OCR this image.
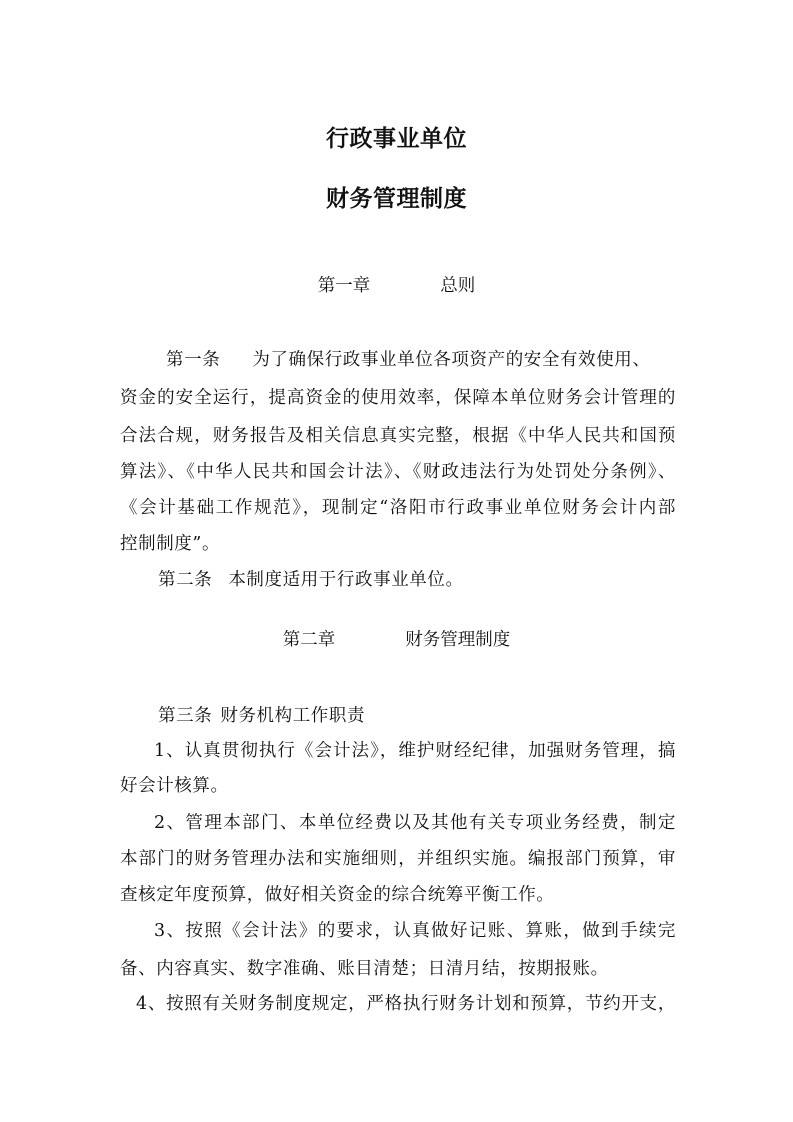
行政事业单位
财务管理制度
第一章	总则
第一条 为了确保行政事业单位各项资产的安全有效使用、
资金的安全运行，提高资金的使用效率，保障本单位财务会计管理的
合法合规，财务报告及相关信息真实完整，根据《中华人民共和国预
算法》、《中华人民共和国会计法》、《财政违法行为处罚处分条例》、
《会计基础工作规范》，现制定“洛阳市行政事业单位财务会计内部
控制制度”。
第二条 本制度适用于行政事业单位。
第二章	财务管理制度
第三条 财务机构工作职责
1、认真贯彻执行《会计法》，维护财经纪律，加强财务管理，搞
好会计核算。
2、管理本部门、本单位经费以及其他有关专项业务经费，制定
本部门的财务管理办法和实施细则，并组织实施。编报部门预算，审
查核定年度预算，做好相关资金的综合统筹平衡工作。
3、按照《会计法》的要求，认真做好记账、算账，做到手续完
备、内容真实、数字准确、账目清楚；日清月结，按期报账。
4、按照有关财务制度规定，严格执行财务计划和预算，节约开支，
